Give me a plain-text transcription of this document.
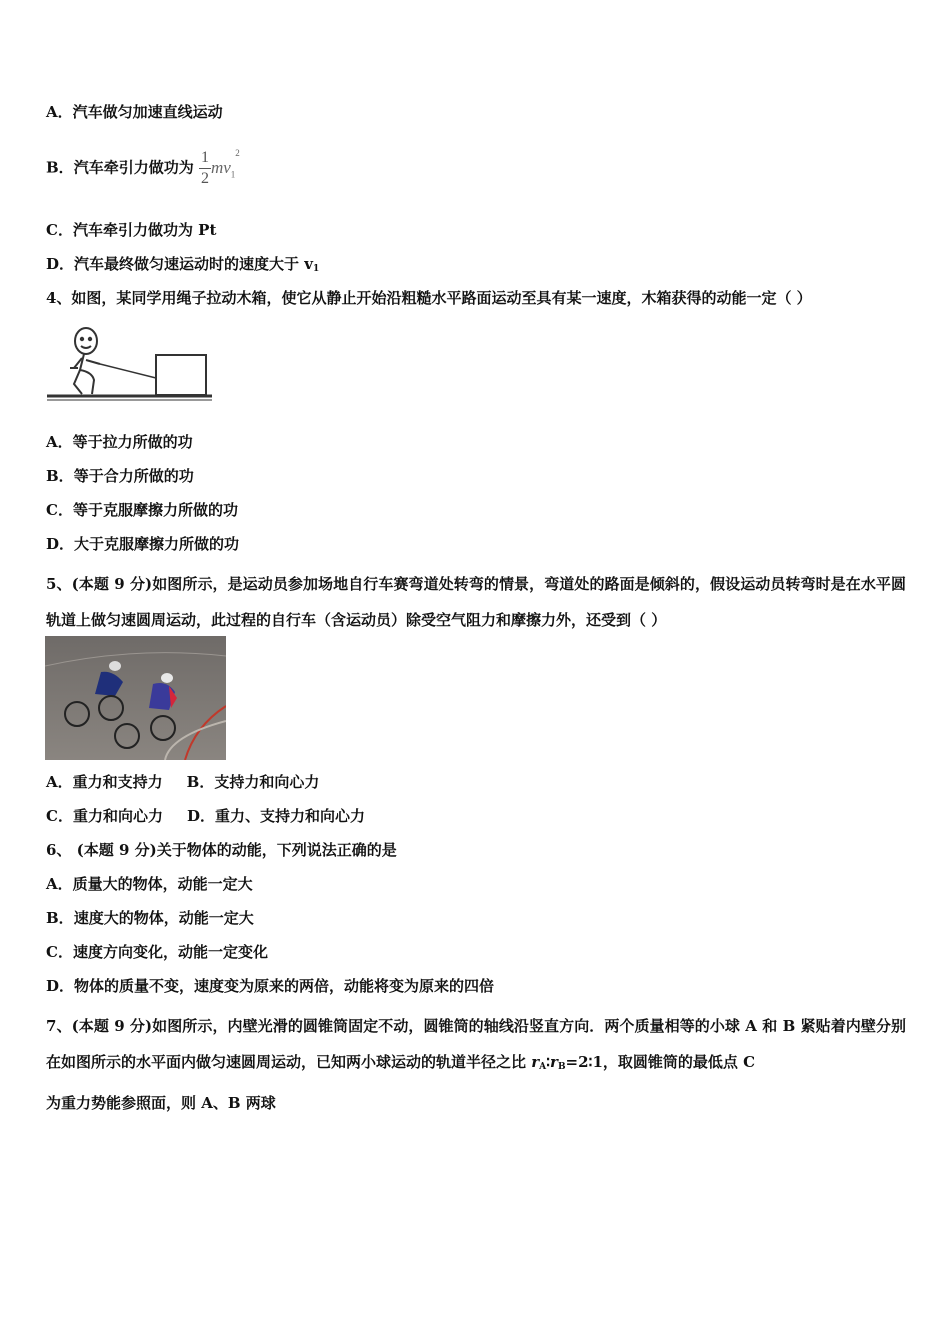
A．汽车做匀加速直线运动
B．汽车牵引力做功为 $\frac{1}{2} mv_1^2$
C．汽车牵引力做功为 Pt
D．汽车最终做匀速运动时的速度大于 $v_1$
4、如图，某同学用绳子拉动木箱，使它从静止开始沿粗糙水平路面运动至具有某一速度，木箱获得的动能一定（ ）
A．等于拉力所做的功
B．等于合力所做的功
C．等于克服摩擦力所做的功
D．大于克服摩擦力所做的功
5、(本题 9 分)如图所示，是运动员参加场地自行车赛弯道处转弯的情景，弯道处的路面是倾斜的，假设运动员转弯时是在水平圆轨道上做匀速圆周运动，此过程的自行车（含运动员）除受空气阻力和摩擦力外，还受到（ ）
A．重力和支持力 B．支持力和向心力
C．重力和向心力 D．重力、支持力和向心力
6、 (本题 9 分)关于物体的动能，下列说法正确的是
A．质量大的物体，动能一定大
B．速度大的物体，动能一定大
C．速度方向变化，动能一定变化
D．物体的质量不变，速度变为原来的两倍，动能将变为原来的四倍
7、(本题 9 分)如图所示，内壁光滑的圆锥筒固定不动，圆锥筒的轴线沿竖直方向．两个质量相等的小球 A 和 B 紧贴着内壁分别在如图所示的水平面内做匀速圆周运动，已知两小球运动的轨道半径之比 $r_A∶r_B=2∶1$，取圆锥筒的最低点 C
为重力势能参照面，则 A、B 两球
